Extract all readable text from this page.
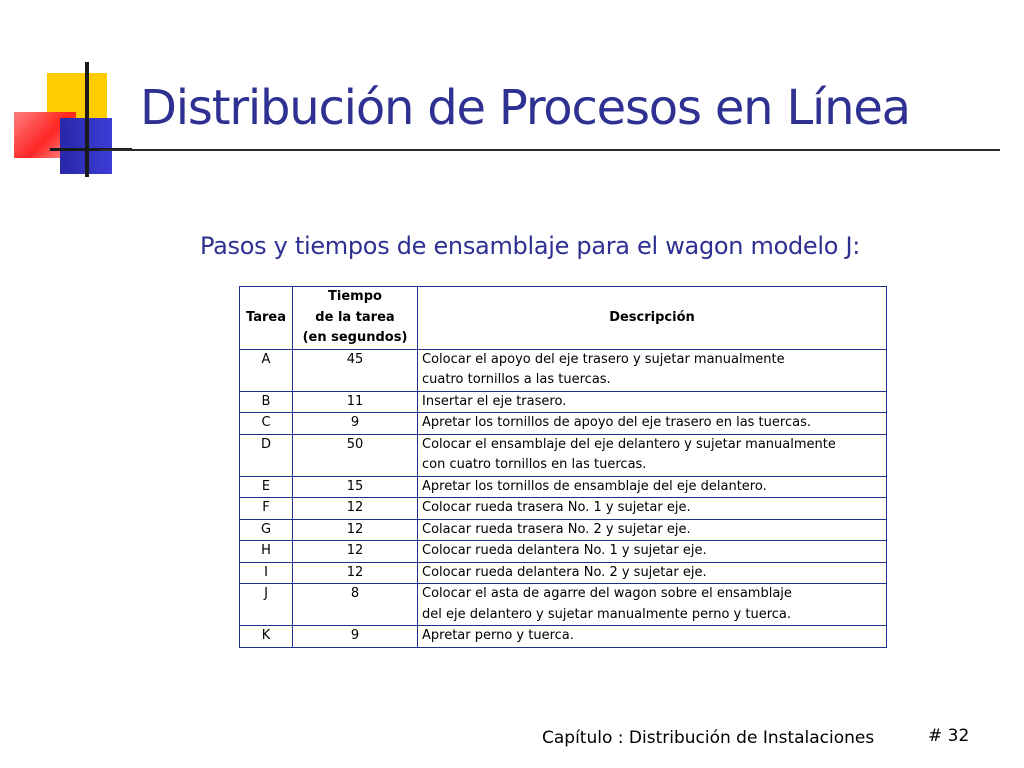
Distribución de Procesos en Línea
Pasos y tiempos de ensamblaje para el wagon modelo J:
Tarea	Tiempo
de la tarea
(en segundos)	Descripción
A	45	Colocar el apoyo del eje trasero y sujetar manualmente
cuatro tornillos a las tuercas.

B	11	Insertar el eje trasero.

C	9	Apretar los tornillos de apoyo del eje trasero en las tuercas.

D	50	Colocar el ensamblaje del eje delantero y sujetar manualmente
con cuatro tornillos en las tuercas.

E	15	Apretar los tornillos de ensamblaje del eje delantero.

F	12	Colocar rueda trasera No. 1 y sujetar eje.

G	12	Colacar rueda trasera No. 2 y sujetar eje.

H	12	Colocar rueda delantera No. 1 y sujetar eje.

I	12	Colocar rueda delantera No. 2 y sujetar eje.

J	8	Colocar el asta de agarre del wagon sobre el ensamblaje
del eje delantero y sujetar manualmente perno y tuerca.

K	9	Apretar perno y tuerca.
Capítulo : Distribución de Instalaciones	# 32
